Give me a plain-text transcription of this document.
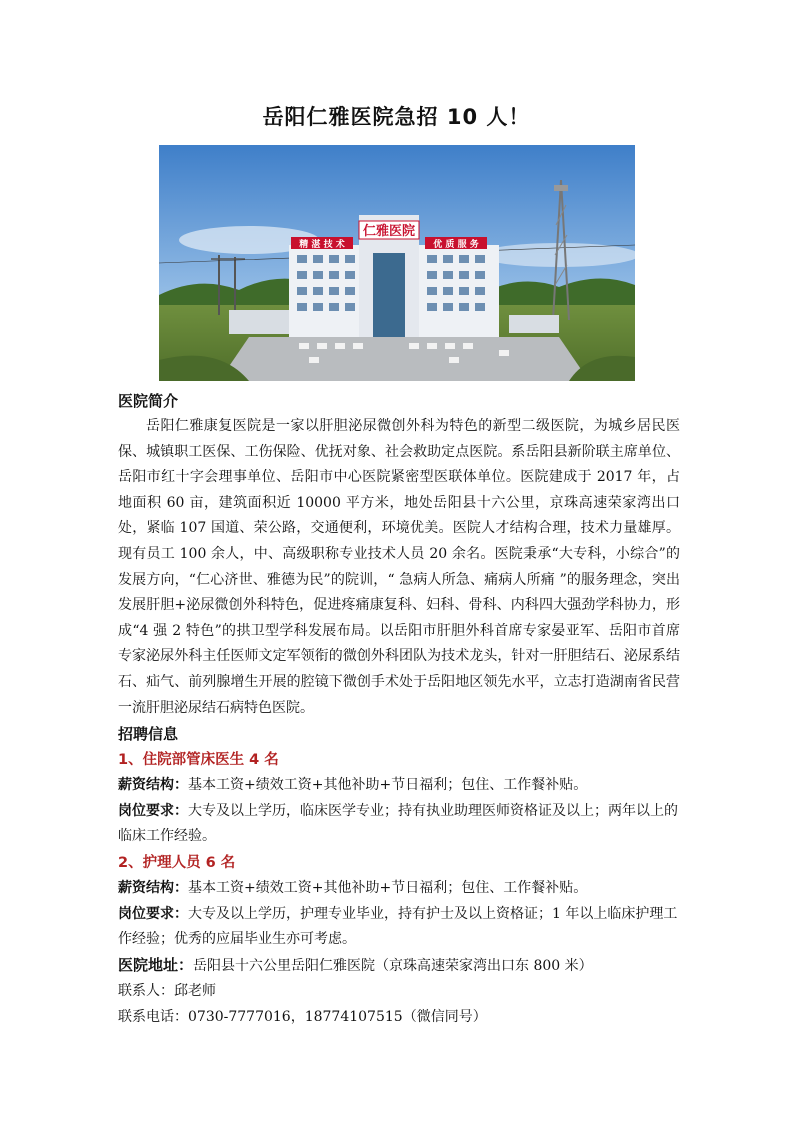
岳阳仁雅医院急招 10 人！
仁雅医院
精 湛 技 术	优 质 服 务

医院简介

岳阳仁雅康复医院是一家以肝胆泌尿微创外科为特色的新型二级医院，为城乡居民医保、城镇职工医保、工伤保险、优抚对象、社会救助定点医院。系岳阳县新阶联主席单位、岳阳市红十字会理事单位、岳阳市中心医院紧密型医联体单位。医院建成于 2017 年，占地面积 60 亩，建筑面积近 10000 平方米，地处岳阳县十六公里，京珠高速荣家湾出口处，紧临 107 国道、荣公路，交通便利，环境优美。医院人才结构合理，技术力量雄厚。现有员工 100 余人，中、高级职称专业技术人员 20 余名。医院秉承“大专科，小综合”的发展方向，“仁心济世、雅德为民”的院训，“ 急病人所急、痛病人所痛 ”的服务理念，突出发展肝胆+泌尿微创外科特色，促进疼痛康复科、妇科、骨科、内科四大强劲学科协力，形成“4 强 2 特色”的拱卫型学科发展布局。以岳阳市肝胆外科首席专家晏亚军、岳阳市首席专家泌尿外科主任医师文定军领衔的微创外科团队为技术龙头，针对一肝胆结石、泌尿系结石、疝气、前列腺增生开展的腔镜下微创手术处于岳阳地区领先水平，立志打造湖南省民营一流肝胆泌尿结石病特色医院。

招聘信息

1、住院部管床医生 4 名

薪资结构：基本工资+绩效工资+其他补助+节日福利；包住、工作餐补贴。

岗位要求：大专及以上学历，临床医学专业；持有执业助理医师资格证及以上；两年以上的临床工作经验。

2、护理人员 6 名

薪资结构：基本工资+绩效工资+其他补助+节日福利；包住、工作餐补贴。

岗位要求：大专及以上学历，护理专业毕业，持有护士及以上资格证；1 年以上临床护理工作经验；优秀的应届毕业生亦可考虑。

医院地址：岳阳县十六公里岳阳仁雅医院（京珠高速荣家湾出口东 800 米）

联系人：邱老师

联系电话：0730-7777016，18774107515（微信同号）
